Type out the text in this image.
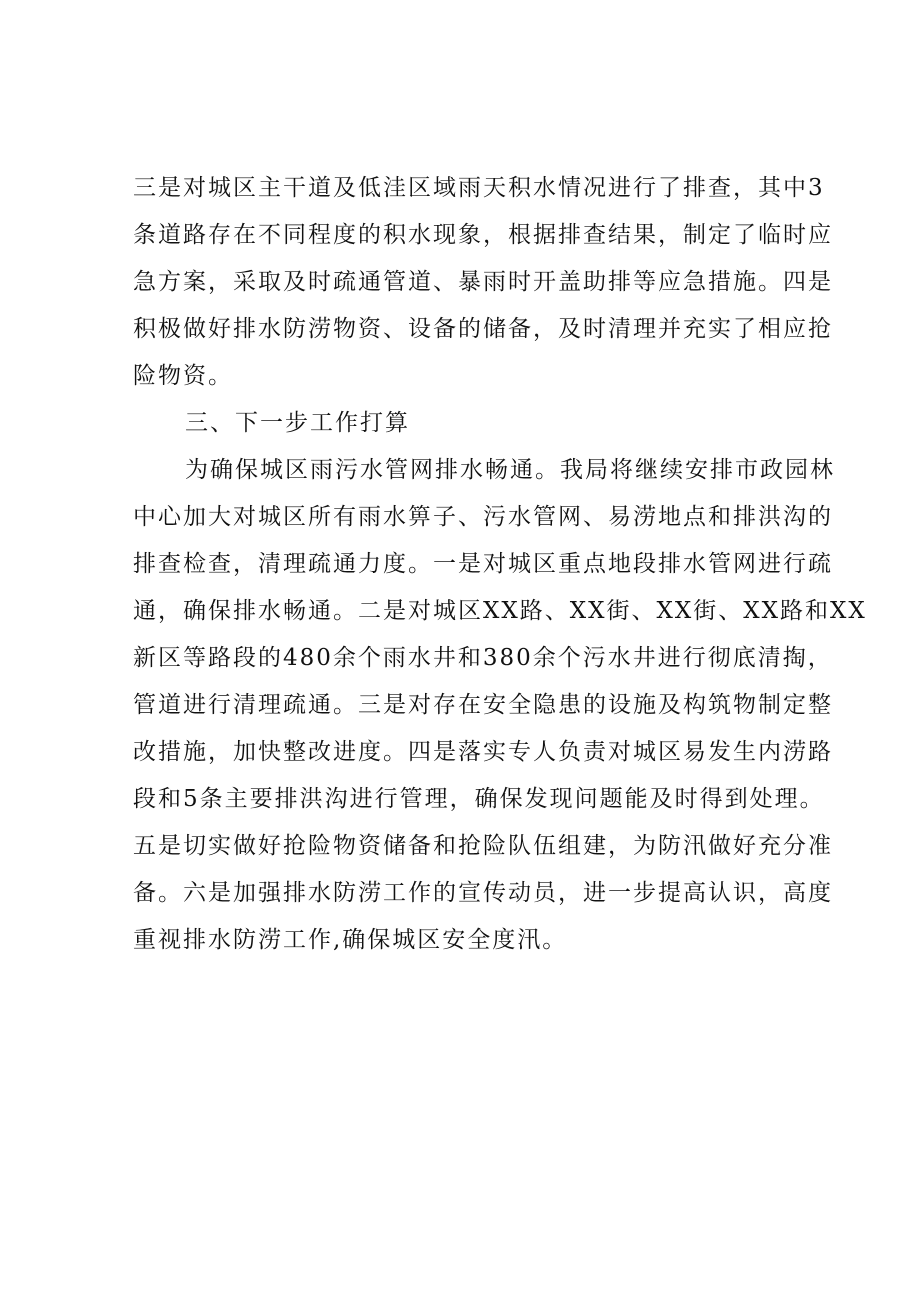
三是对城区主干道及低洼区域雨天积水情况进行了排查，其中3
条道路存在不同程度的积水现象，根据排查结果，制定了临时应
急方案，采取及时疏通管道、暴雨时开盖助排等应急措施。四是
积极做好排水防涝物资、设备的储备，及时清理并充实了相应抢
险物资。
三、下一步工作打算
为确保城区雨污水管网排水畅通。我局将继续安排市政园林
中心加大对城区所有雨水箅子、污水管网、易涝地点和排洪沟的
排查检查，清理疏通力度。一是对城区重点地段排水管网进行疏
通，确保排水畅通。二是对城区XX路、XX街、XX街、XX路和XX
新区等路段的480余个雨水井和380余个污水井进行彻底清掏，
管道进行清理疏通。三是对存在安全隐患的设施及构筑物制定整
改措施，加快整改进度。四是落实专人负责对城区易发生内涝路
段和5条主要排洪沟进行管理，确保发现问题能及时得到处理。
五是切实做好抢险物资储备和抢险队伍组建，为防汛做好充分准
备。六是加强排水防涝工作的宣传动员，进一步提高认识，高度
重视排水防涝工作,确保城区安全度汛。
